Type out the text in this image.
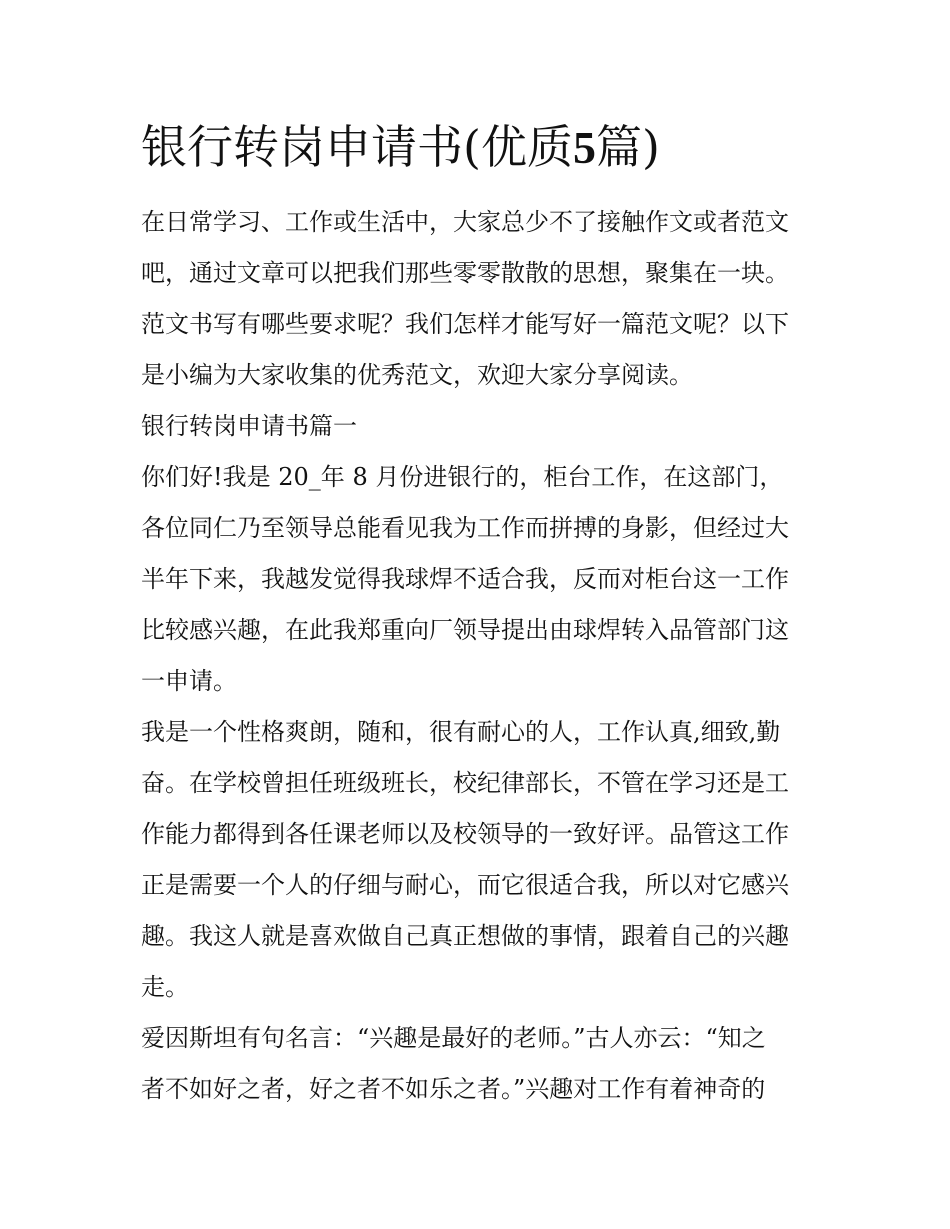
银行转岗申请书(优质5篇)
在日常学习、工作或生活中，大家总少不了接触作文或者范文
吧，通过文章可以把我们那些零零散散的思想，聚集在一块。
范文书写有哪些要求呢？我们怎样才能写好一篇范文呢？以下
是小编为大家收集的优秀范文，欢迎大家分享阅读。
银行转岗申请书篇一
你们好!我是 20_年 8 月份进银行的，柜台工作，在这部门，
各位同仁乃至领导总能看见我为工作而拼搏的身影，但经过大
半年下来，我越发觉得我球焊不适合我，反而对柜台这一工作
比较感兴趣，在此我郑重向厂领导提出由球焊转入品管部门这
一申请。
我是一个性格爽朗，随和，很有耐心的人，工作认真,细致,勤
奋。在学校曾担任班级班长，校纪律部长，不管在学习还是工
作能力都得到各任课老师以及校领导的一致好评。品管这工作
正是需要一个人的仔细与耐心，而它很适合我，所以对它感兴
趣。我这人就是喜欢做自己真正想做的事情，跟着自己的兴趣
走。
爱因斯坦有句名言：“兴趣是最好的老师。”古人亦云：“知之
者不如好之者，好之者不如乐之者。”兴趣对工作有着神奇的
